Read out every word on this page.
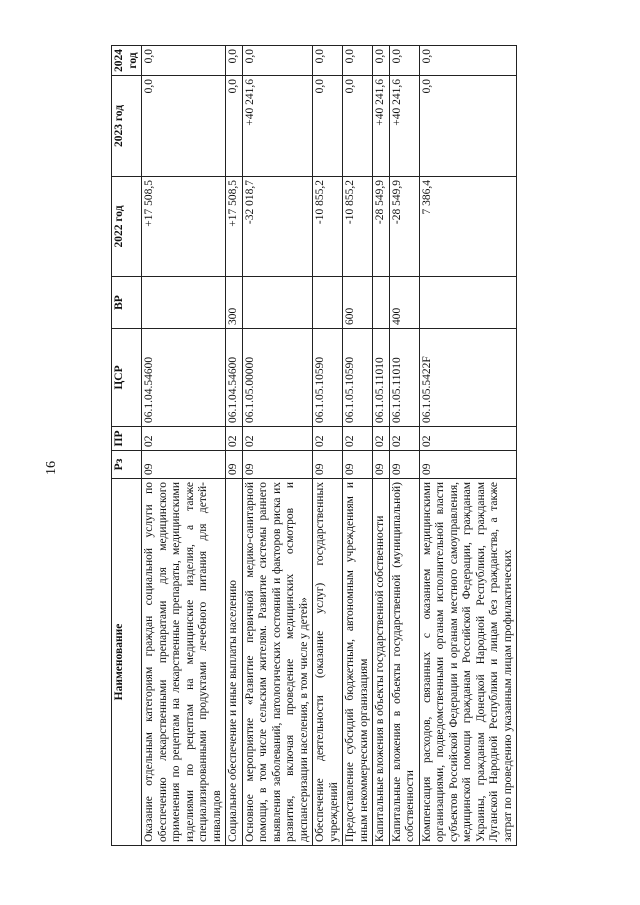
16
Наименование	Рз	ПР	ЦСР	ВР	2022 год	2023 год	2024 год
Оказание отдельным категориям граждан социальной услуги по обеспечению лекарственными препаратами для медицинского применения по рецептам на лекарственные препараты, медицинскими изделиями по рецептам на медицинские изделия, а также специализированными продуктами лечебного питания для детей-инвалидов	09	02	06.1.04.54600		+17 508,5	0,0	0,0
Социальное обеспечение и иные выплаты населению	09	02	06.1.04.54600	300	+17 508,5	0,0	0,0
Основное мероприятие «Развитие первичной медико-санитарной помощи, в том числе сельским жителям. Развитие системы раннего выявления заболеваний, патологических состояний и факторов риска их развития, включая проведение медицинских осмотров и диспансеризации населения, в том числе у детей»	09	02	06.1.05.00000		-32 018,7	+40 241,6	0,0
Обеспечение деятельности (оказание услуг) государственных учреждений	09	02	06.1.05.10590		-10 855,2	0,0	0,0
Предоставление субсидий бюджетным, автономным учреждениям и иным некоммерческим организациям	09	02	06.1.05.10590	600	-10 855,2	0,0	0,0
Капитальные вложения в объекты государственной собственности	09	02	06.1.05.11010		-28 549,9	+40 241,6	0,0
Капитальные вложения в объекты государственной (муниципальной) собственности	09	02	06.1.05.11010	400	-28 549,9	+40 241,6	0,0
Компенсация расходов, связанных с оказанием медицинскими организациями, подведомственными органам исполнительной власти субъектов Российской Федерации и органам местного самоуправления, медицинской помощи гражданам Российской Федерации, гражданам Украины, гражданам Донецкой Народной Республики, гражданам Луганской Народной Республики и лицам без гражданства, а также затрат по проведению указанным лицам профилактических	09	02	06.1.05.5422F		7 386,4	0,0	0,0
